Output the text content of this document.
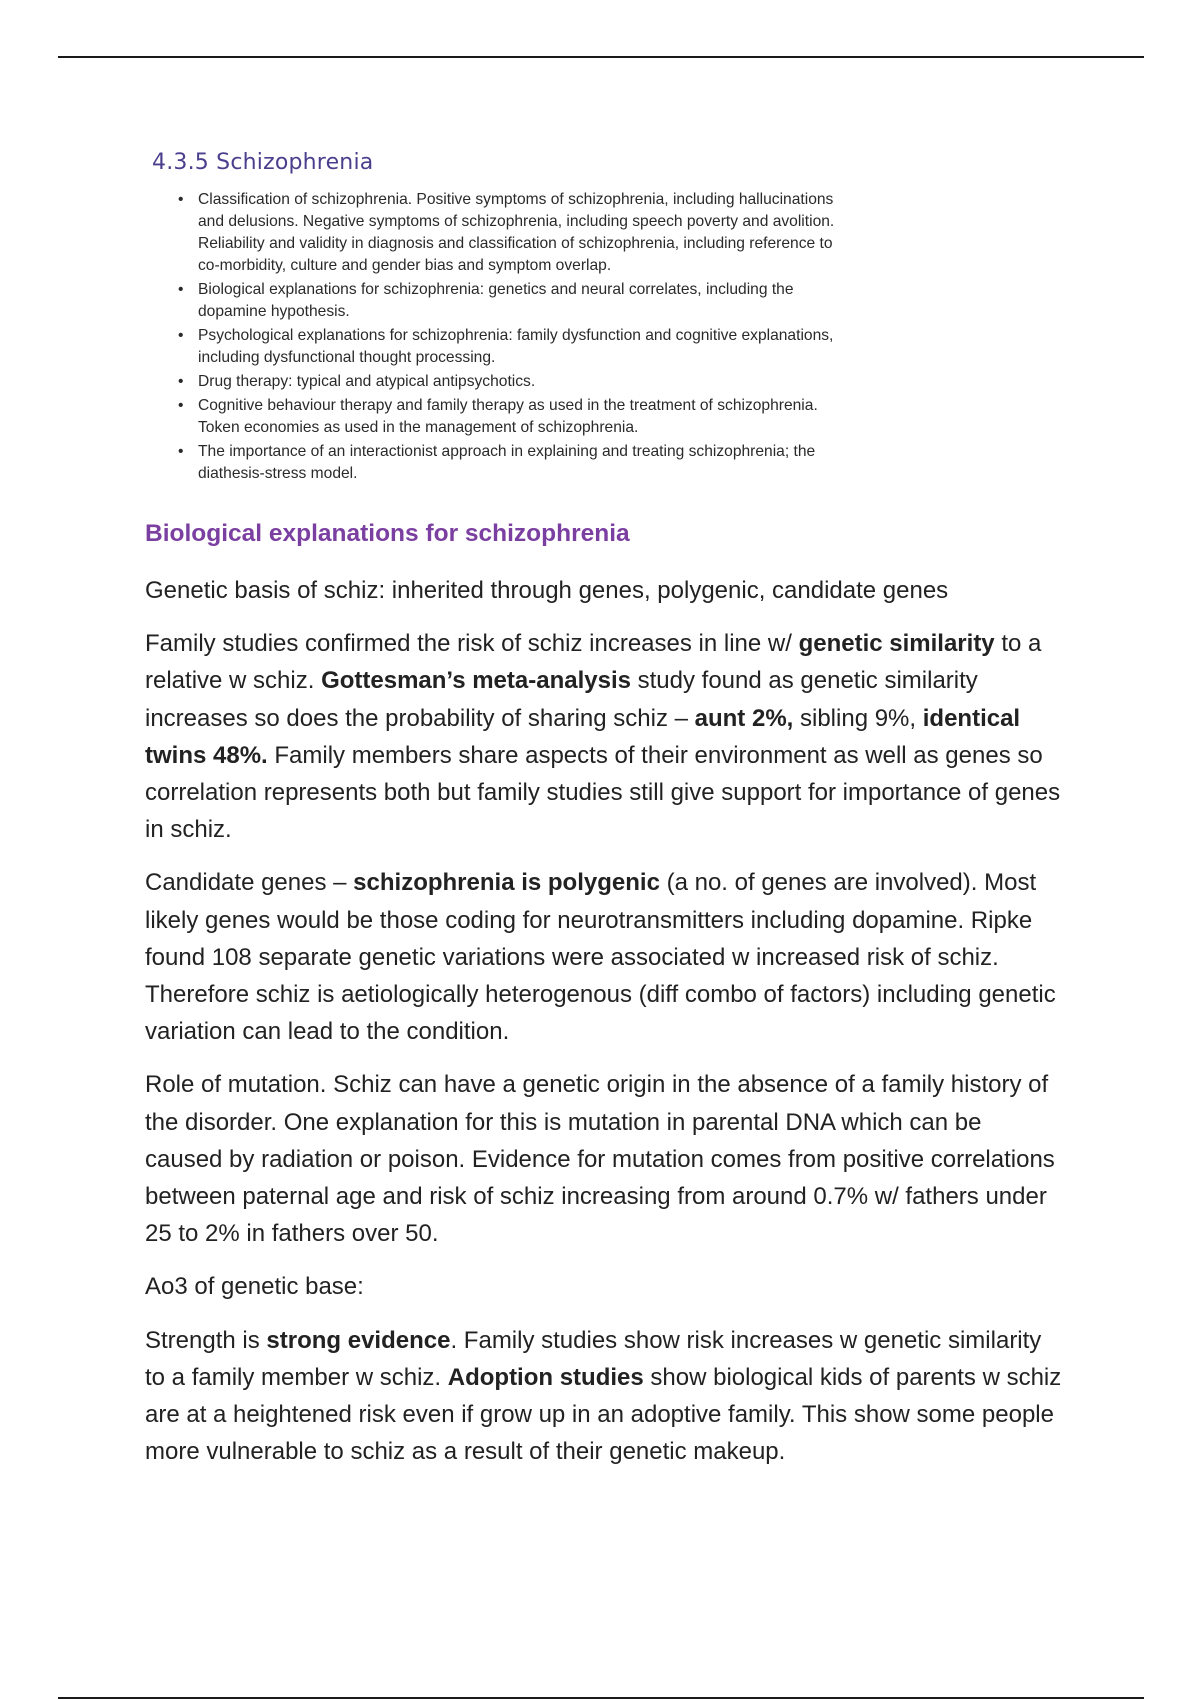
4.3.5 Schizophrenia
• Classification of schizophrenia. Positive symptoms of schizophrenia, including hallucinations
and delusions. Negative symptoms of schizophrenia, including speech poverty and avolition.
Reliability and validity in diagnosis and classification of schizophrenia, including reference to
co-morbidity, culture and gender bias and symptom overlap.
• Biological explanations for schizophrenia: genetics and neural correlates, including the
dopamine hypothesis.
• Psychological explanations for schizophrenia: family dysfunction and cognitive explanations,
including dysfunctional thought processing.
• Drug therapy: typical and atypical antipsychotics.
• Cognitive behaviour therapy and family therapy as used in the treatment of schizophrenia.
Token economies as used in the management of schizophrenia.
• The importance of an interactionist approach in explaining and treating schizophrenia; the
diathesis-stress model.
Biological explanations for schizophrenia

Genetic basis of schiz: inherited through genes, polygenic, candidate genes

Family studies confirmed the risk of schiz increases in line w/ genetic similarity to a relative w schiz. Gottesman’s meta-analysis study found as genetic similarity increases so does the probability of sharing schiz – aunt 2%, sibling 9%, identical twins 48%. Family members share aspects of their environment as well as genes so correlation represents both but family studies still give support for importance of genes in schiz.

Candidate genes – schizophrenia is polygenic (a no. of genes are involved). Most likely genes would be those coding for neurotransmitters including dopamine. Ripke found 108 separate genetic variations were associated w increased risk of schiz. Therefore schiz is aetiologically heterogenous (diff combo of factors) including genetic variation can lead to the condition.

Role of mutation. Schiz can have a genetic origin in the absence of a family history of the disorder. One explanation for this is mutation in parental DNA which can be caused by radiation or poison. Evidence for mutation comes from positive correlations between paternal age and risk of schiz increasing from around 0.7% w/ fathers under 25 to 2% in fathers over 50.

Ao3 of genetic base:

Strength is strong evidence. Family studies show risk increases w genetic similarity to a family member w schiz. Adoption studies show biological kids of parents w schiz are at a heightened risk even if grow up in an adoptive family. This show some people more vulnerable to schiz as a result of their genetic makeup.
